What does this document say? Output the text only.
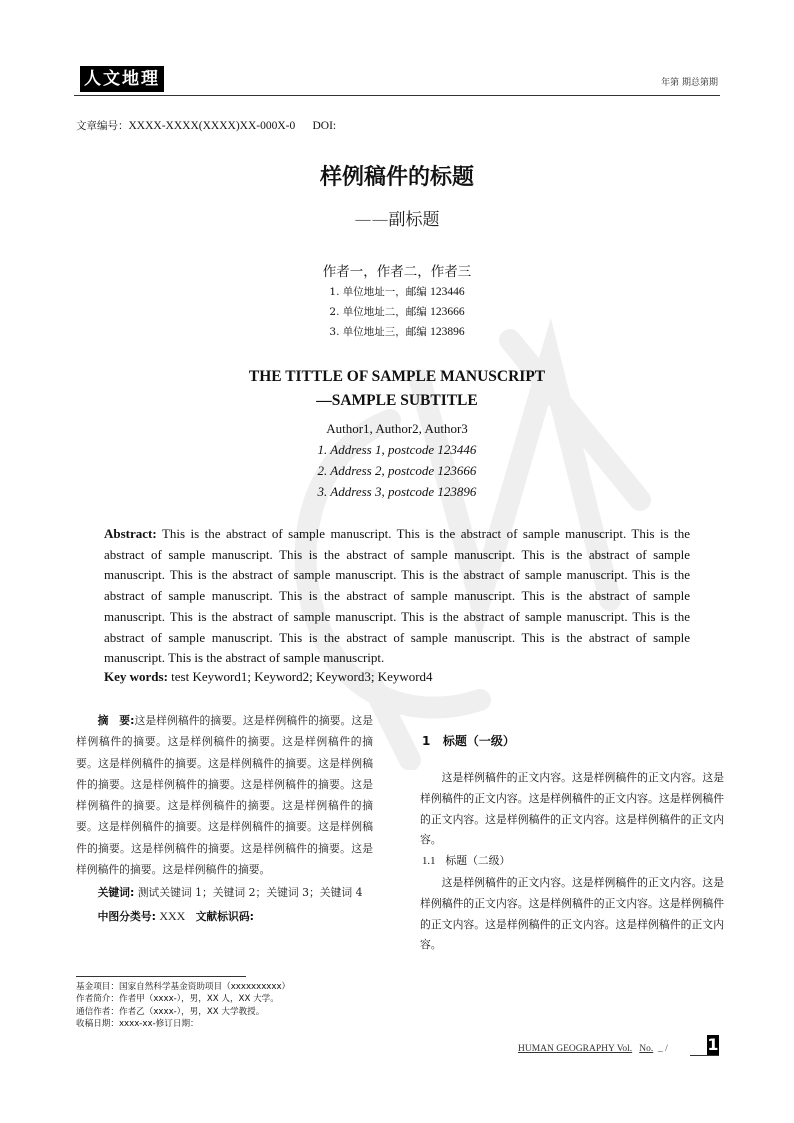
人文地理	年第 期总第期
文章编号：XXXX-XXXX(XXXX)XX-000X-0 DOI:
样例稿件的标题
——副标题
作者一，作者二，作者三
1. 单位地址一，邮编 123446
2. 单位地址二，邮编 123666
3. 单位地址三，邮编 123896
THE TITTLE OF SAMPLE MANUSCRIPT
—SAMPLE SUBTITLE
Author1, Author2, Author3
1. Address 1, postcode 123446
2. Address 2, postcode 123666
3. Address 3, postcode 123896
Abstract: This is the abstract of sample manuscript. This is the abstract of sample manuscript. This is the abstract of sample manuscript. This is the abstract of sample manuscript. This is the abstract of sample manuscript. This is the abstract of sample manuscript. This is the abstract of sample manuscript. This is the abstract of sample manuscript. This is the abstract of sample manuscript. This is the abstract of sample manuscript. This is the abstract of sample manuscript. This is the abstract of sample manuscript. This is the abstract of sample manuscript. This is the abstract of sample manuscript. This is the abstract of sample manuscript. This is the abstract of sample manuscript.
Key words: test Keyword1; Keyword2; Keyword3; Keyword4
摘　要:这是样例稿件的摘要。这是样例稿件的摘要。这是样例稿件的摘要。这是样例稿件的摘要。这是样例稿件的摘要。这是样例稿件的摘要。这是样例稿件的摘要。这是样例稿件的摘要。这是样例稿件的摘要。这是样例稿件的摘要。这是样例稿件的摘要。这是样例稿件的摘要。这是样例稿件的摘要。这是样例稿件的摘要。这是样例稿件的摘要。这是样例稿件的摘要。这是样例稿件的摘要。这是样例稿件的摘要。这是样例稿件的摘要。这是样例稿件的摘要。
关键词: 测试关键词 1；关键词 2；关键词 3；关键词 4
中图分类号: XXX 文献标识码:
1 标题（一级）
这是样例稿件的正文内容。这是样例稿件的正文内容。这是样例稿件的正文内容。这是样例稿件的正文内容。这是样例稿件的正文内容。这是样例稿件的正文内容。这是样例稿件的正文内容。
1.1 标题（二级）
这是样例稿件的正文内容。这是样例稿件的正文内容。这是样例稿件的正文内容。这是样例稿件的正文内容。这是样例稿件的正文内容。这是样例稿件的正文内容。这是样例稿件的正文内容。
基金项目：国家自然科学基金资助项目（xxxxxxxxxx）
作者简介：作者甲（xxxx-），男，XX 人，XX 大学。
通信作者：作者乙（xxxx-），男，XX 大学教授。
收稿日期：xxxx-xx-修订日期：
HUMAN GEOGRAPHY Vol. No. _ / 1
